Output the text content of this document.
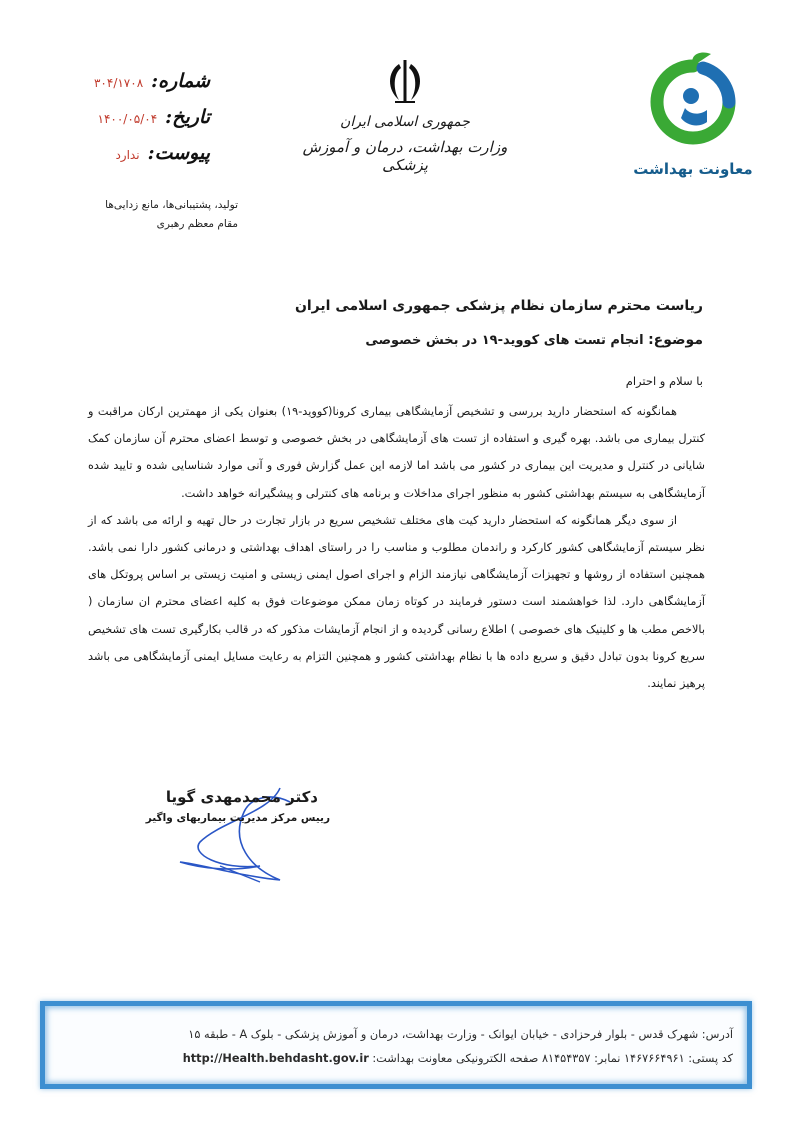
معاونت بهداشت
جمهوری اسلامی ایران
وزارت بهداشت، درمان و آموزش پزشکی
شماره:
۳۰۴/۱۷۰۸
تاریخ:
۱۴۰۰/۰۵/۰۴
پیوست:
ندارد
تولید، پشتیبانی‌ها، مانع زدایی‌ها
مقام معظم رهبری
ریاست محترم سازمان نظام پزشکی جمهوری اسلامی ایران
موضوع: انجام تست های کووید-۱۹ در بخش خصوصی
با سلام و احترام

همانگونه که استحضار دارید بررسی و تشخیص آزمایشگاهی بیماری کرونا(کووید-۱۹) بعنوان یکی از مهمترین ارکان مراقبت و کنترل بیماری می باشد. بهره گیری و استفاده از تست های آزمایشگاهی در بخش خصوصی و توسط اعضای محترم آن سازمان کمک شایانی در کنترل و مدیریت این بیماری در کشور می باشد اما لازمه این عمل گزارش فوری و آنی موارد شناسایی شده و تایید شده آزمایشگاهی به سیستم بهداشتی کشور به منظور اجرای مداخلات و برنامه های کنترلی و پیشگیرانه خواهد داشت.

از سوی دیگر همانگونه که استحضار دارید کیت های مختلف تشخیص سریع در بازار تجارت در حال تهیه و ارائه می باشد که از نظر سیستم آزمایشگاهی کشور کارکرد و راندمان مطلوب و مناسب را در راستای اهداف بهداشتی و درمانی کشور دارا نمی باشد. همچنین استفاده از روشها و تجهیزات آزمایشگاهی نیازمند الزام و اجرای اصول ایمنی زیستی و امنیت زیستی بر اساس پروتکل های آزمایشگاهی دارد. لذا خواهشمند است دستور فرمایند در کوتاه زمان ممکن موضوعات فوق به کلیه اعضای محترم ان سازمان ( بالاخص مطب ها و کلینیک های خصوصی ) اطلاع رسانی گردیده و از انجام آزمایشات مذکور که در قالب بکارگیری تست های تشخیص سریع کرونا بدون تبادل دقیق و سریع داده ها با نظام بهداشتی کشور و همچنین التزام به رعایت مسایل ایمنی آزمایشگاهی می باشد پرهیز نمایند.

دکتر محمدمهدی گویا
رییس مرکز مدیریت بیماریهای واگیر
آدرس: شهرک قدس - بلوار فرحزادی - خیابان ایوانک - وزارت بهداشت، درمان و آموزش پزشکی - بلوک A - طبقه ۱۵
کد پستی: ۱۴۶۷۶۶۴۹۶۱ نمابر: ۸۱۴۵۴۳۵۷ صفحه الکترونیکی معاونت بهداشت: http://Health.behdasht.gov.ir
